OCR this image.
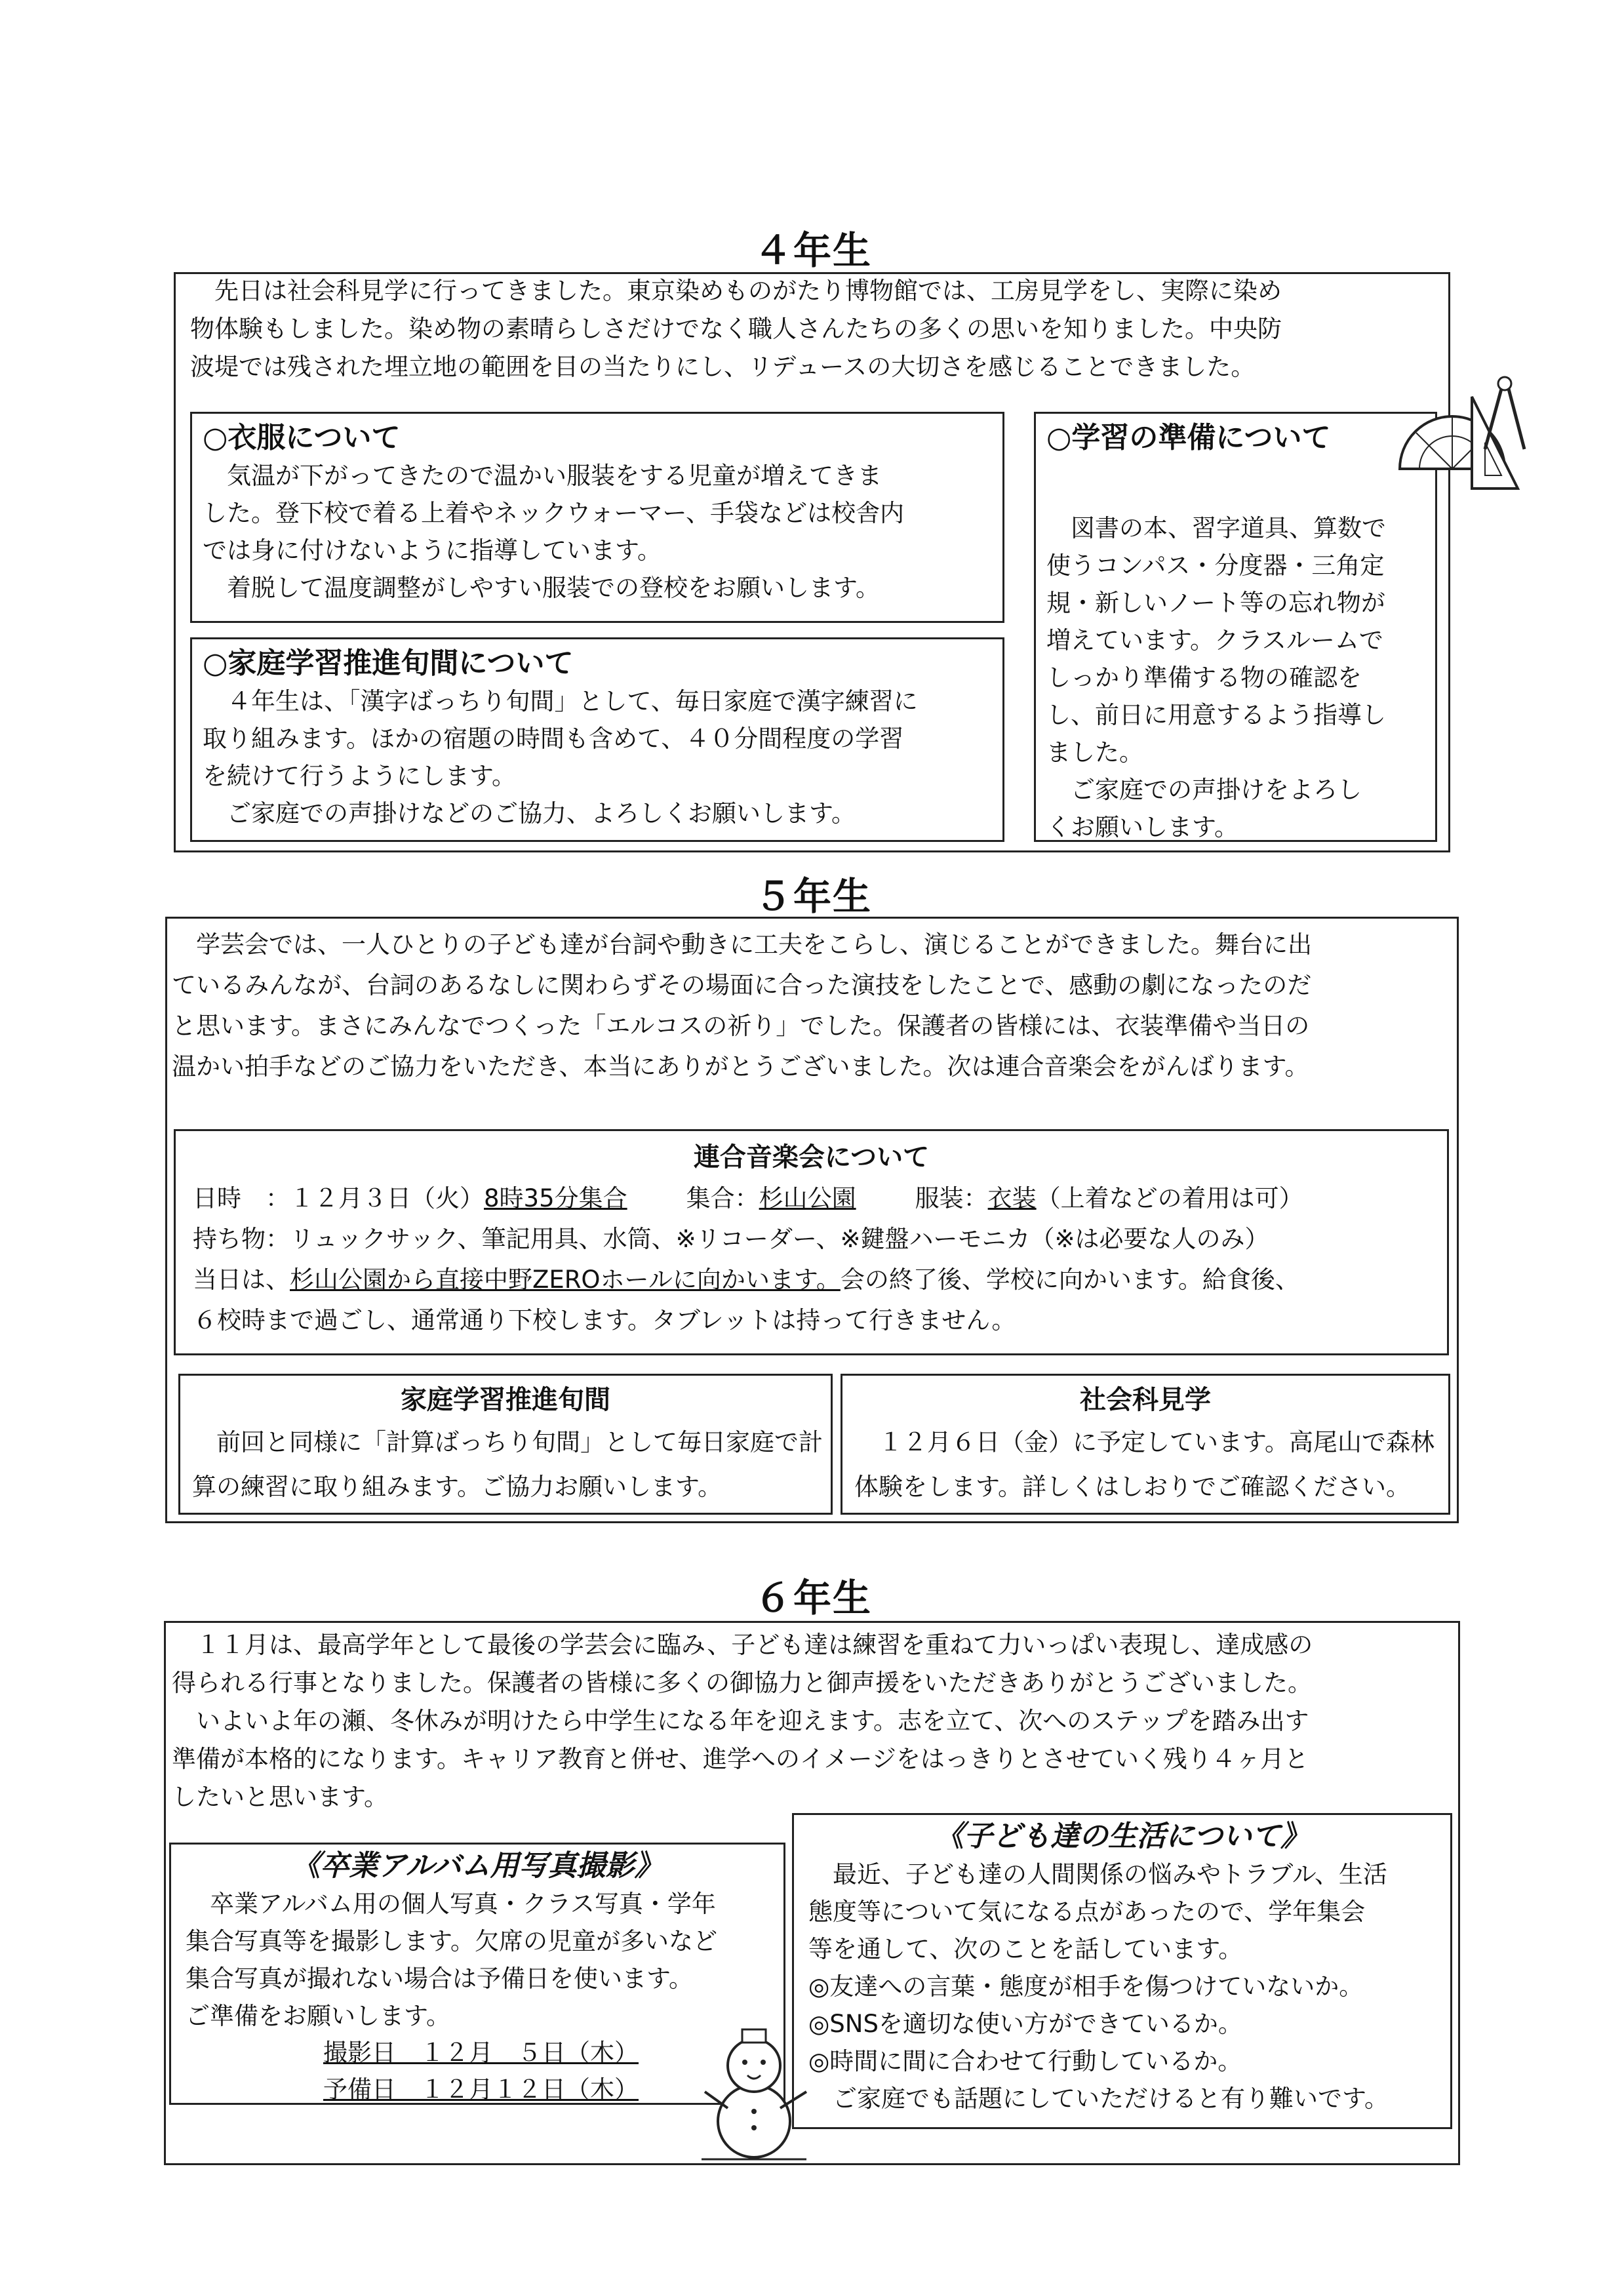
４年生

　先日は社会科見学に行ってきました。東京染めものがたり博物館では、工房見学をし、実際に染め

物体験もしました。染め物の素晴らしさだけでなく職人さんたちの多くの思いを知りました。中央防

波堤では残された埋立地の範囲を目の当たりにし、リデュースの大切さを感じることできました。

○衣服について

　気温が下がってきたので温かい服装をする児童が増えてきま

した。登下校で着る上着やネックウォーマー、手袋などは校舎内

では身に付けないように指導しています。

　着脱して温度調整がしやすい服装での登校をお願いします。

○家庭学習推進旬間について

　４年生は、「漢字ばっちり旬間」として、毎日家庭で漢字練習に

取り組みます。ほかの宿題の時間も含めて、４０分間程度の学習

を続けて行うようにします。

　ご家庭での声掛けなどのご協力、よろしくお願いします。

○学習の準備について

　図書の本、習字道具、算数で

使うコンパス・分度器・三角定

規・新しいノート等の忘れ物が

増えています。クラスルームで

しっかり準備する物の確認を

し、前日に用意するよう指導し

ました。

　ご家庭での声掛けをよろし

くお願いします。

５年生

　学芸会では、一人ひとりの子ども達が台詞や動きに工夫をこらし、演じることができました。舞台に出

ているみんなが、台詞のあるなしに関わらずその場面に合った演技をしたことで、感動の劇になったのだ

と思います。まさにみんなでつくった「エルコスの祈り」でした。保護者の皆様には、衣装準備や当日の

温かい拍手などのご協力をいただき、本当にありがとうございました。次は連合音楽会をがんばります。

連合音楽会について

日時　：１２月３日（火）8時35分集合 集合：杉山公園 服装：衣装（上着などの着用は可）
持ち物：リュックサック、筆記用具、水筒、※リコーダー、※鍵盤ハーモニカ（※は必要な人のみ）
当日は、杉山公園から直接中野ZEROホールに向かいます。会の終了後、学校に向かいます。給食後、
６校時まで過ごし、通常通り下校します。タブレットは持って行きません。

家庭学習推進旬間

　前回と同様に「計算ばっちり旬間」として毎日家庭で計

算の練習に取り組みます。ご協力お願いします。

社会科見学

　１２月６日（金）に予定しています。高尾山で森林

体験をします。詳しくはしおりでご確認ください。

６年生

　１１月は、最高学年として最後の学芸会に臨み、子ども達は練習を重ねて力いっぱい表現し、達成感の

得られる行事となりました。保護者の皆様に多くの御協力と御声援をいただきありがとうございました。

　いよいよ年の瀬、冬休みが明けたら中学生になる年を迎えます。志を立て、次へのステップを踏み出す

準備が本格的になります。キャリア教育と併せ、進学へのイメージをはっきりとさせていく残り４ヶ月と

したいと思います。

《卒業アルバム用写真撮影》

　卒業アルバム用の個人写真・クラス写真・学年

集合写真等を撮影します。欠席の児童が多いなど

集合写真が撮れない場合は予備日を使います。

ご準備をお願いします。

撮影日　１２月　５日（木）

予備日　１２月１２日（木）

《子ども達の生活について》

　最近、子ども達の人間関係の悩みやトラブル、生活

態度等について気になる点があったので、学年集会

等を通して、次のことを話しています。

◎友達への言葉・態度が相手を傷つけていないか。

◎SNSを適切な使い方ができているか。

◎時間に間に合わせて行動しているか。

　ご家庭でも話題にしていただけると有り難いです。
